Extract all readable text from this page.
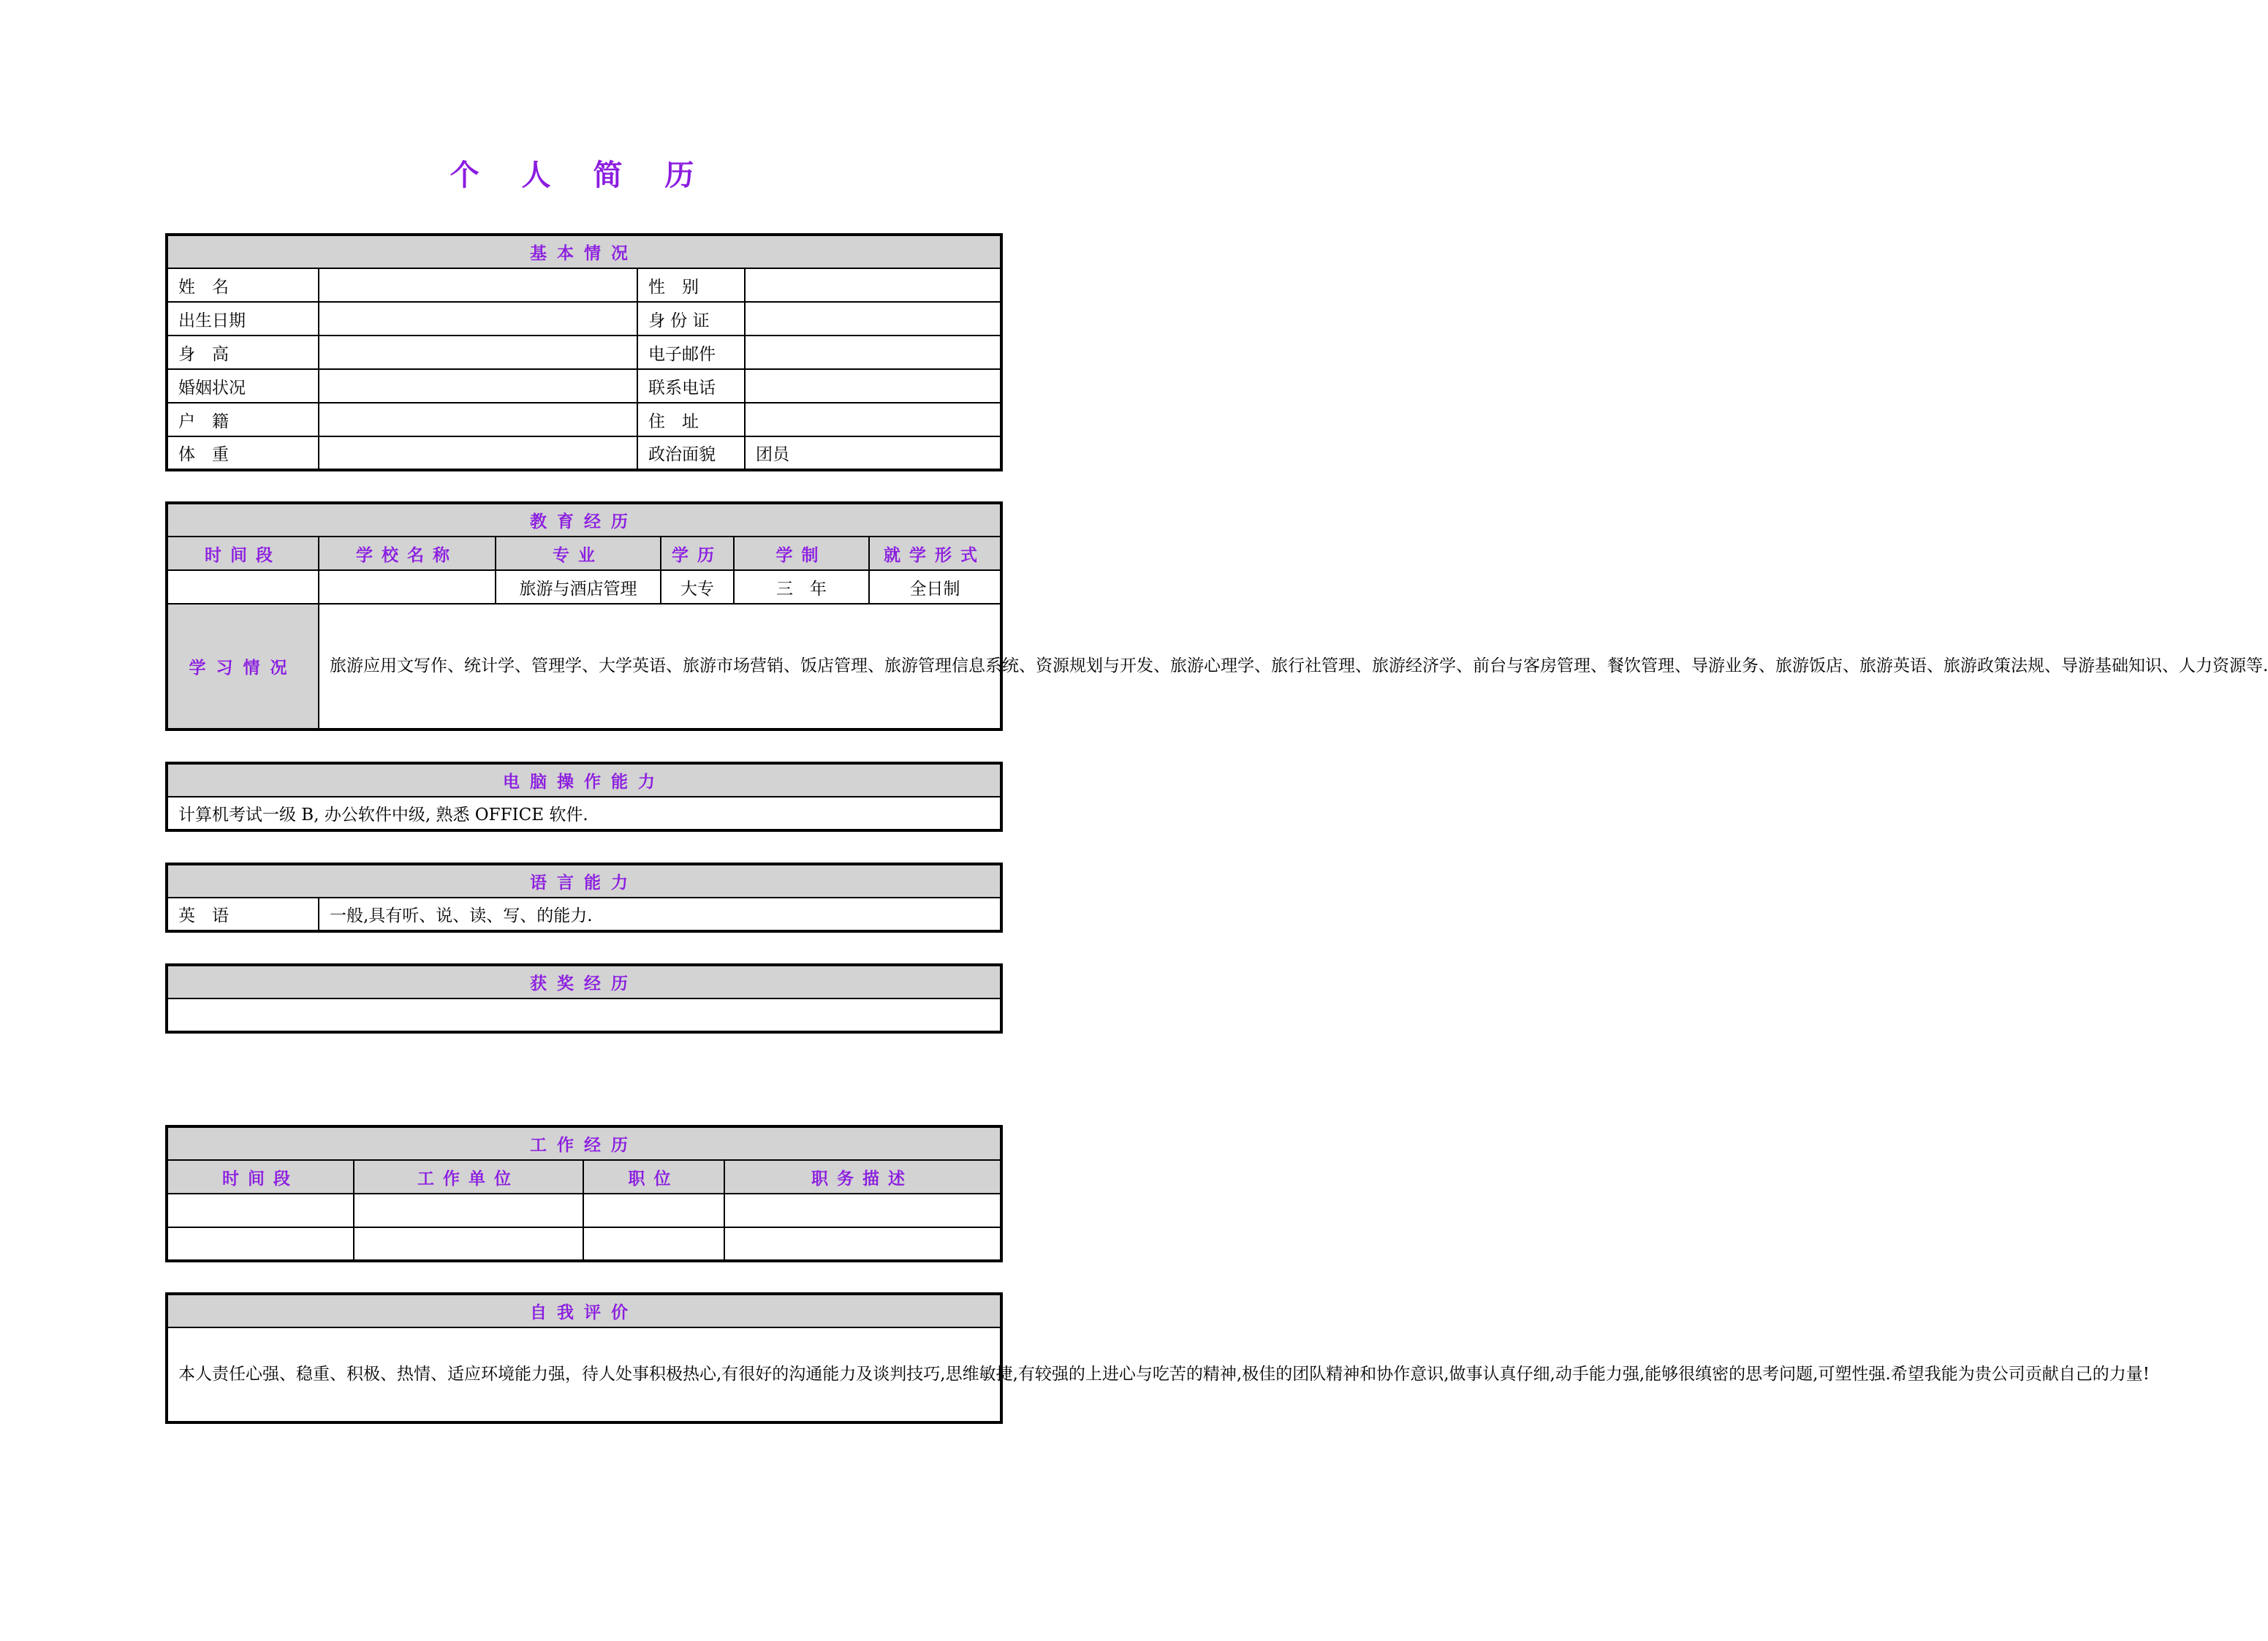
个 人 简 历
基本情况			
姓　名		性　别	
出生日期		身 份 证	
身　高		电子邮件	
婚姻状况		联系电话	
户　籍		住　址	
体　重		政治面貌	团员
教育经历					
时间段	学校名称	专业	学历	学制	就学形式
		旅游与酒店管理	大专	三　年	全日制
学习情况	旅游应用文写作、统计学、管理学、大学英语、旅游市场营销、饭店管理、旅游管理信息系统、资源规划与开发、旅游心理学、旅行社管理、旅游经济学、前台与客房管理、餐饮管理、导游业务、旅游饭店、旅游英语、旅游政策法规、导游基础知识、人力资源等.				
电脑操作能力
计算机考试一级 B, 办公软件中级, 熟悉 OFFICE 软件.
语言能力
英　语	一般,具有听、说、读、写、的能力.
获奖经历

工作经历			
时间段	工作单位	职位	职务描述

自我评价
本人责任心强、稳重、积极、热情、适应环境能力强，待人处事积极热心,有很好的沟通能力及谈判技巧,思维敏捷,有较强的上进心与吃苦的精神,极佳的团队精神和协作意识,做事认真仔细,动手能力强,能够很缜密的思考问题,可塑性强.希望我能为贵公司贡献自己的力量!
